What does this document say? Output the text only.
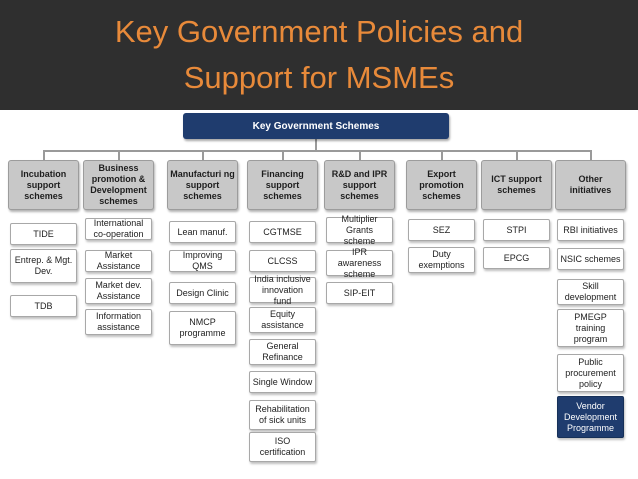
Key Government Policies and
Support for MSMEs
Key Government Schemes
Incubation support schemes
TIDE
Entrep. & Mgt. Dev.
TDB
Business promotion & Development schemes
International co-operation
Market Assistance
Market dev. Assistance
Information assistance
Manufacturi ng support schemes
Lean manuf.
Improving QMS
Design Clinic
NMCP programme
Financing support schemes
CGTMSE
CLCSS
India inclusive innovation fund
Equity assistance
General Refinance
Single Window
Rehabilitation of sick units
ISO certification
R&D and IPR support schemes
Multiplier Grants scheme
IPR awareness scheme
SIP-EIT
Export promotion schemes
SEZ
Duty exemptions
ICT support schemes
STPI
EPCG
Other initiatives
RBI initiatives
NSIC schemes
Skill development
PMEGP training program
Public procurement policy
Vendor Development Programme
